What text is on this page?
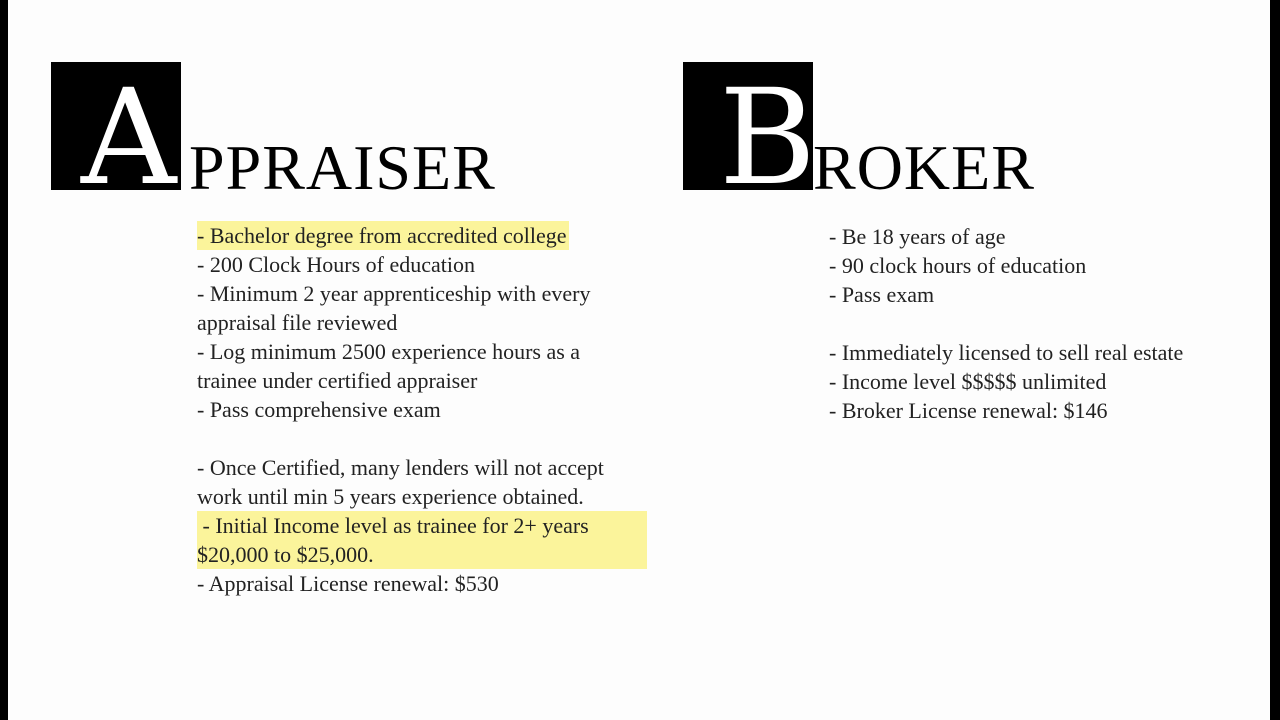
A PPRAISER B
ROKER
- Bachelor degree from accredited college
- 200 Clock Hours of education
- Minimum 2 year apprenticeship with every
appraisal file reviewed
- Log minimum 2500 experience hours as a
trainee under certified appraiser
- Pass comprehensive exam
- Once Certified, many lenders will not accept
work until min 5 years experience obtained.
- Initial Income level as trainee for 2+ years
$20,000 to $25,000.
- Appraisal License renewal: $530
- Be 18 years of age
- 90 clock hours of education
- Pass exam
- Immediately licensed to sell real estate
- Income level $$$$$ unlimited
- Broker License renewal: $146
